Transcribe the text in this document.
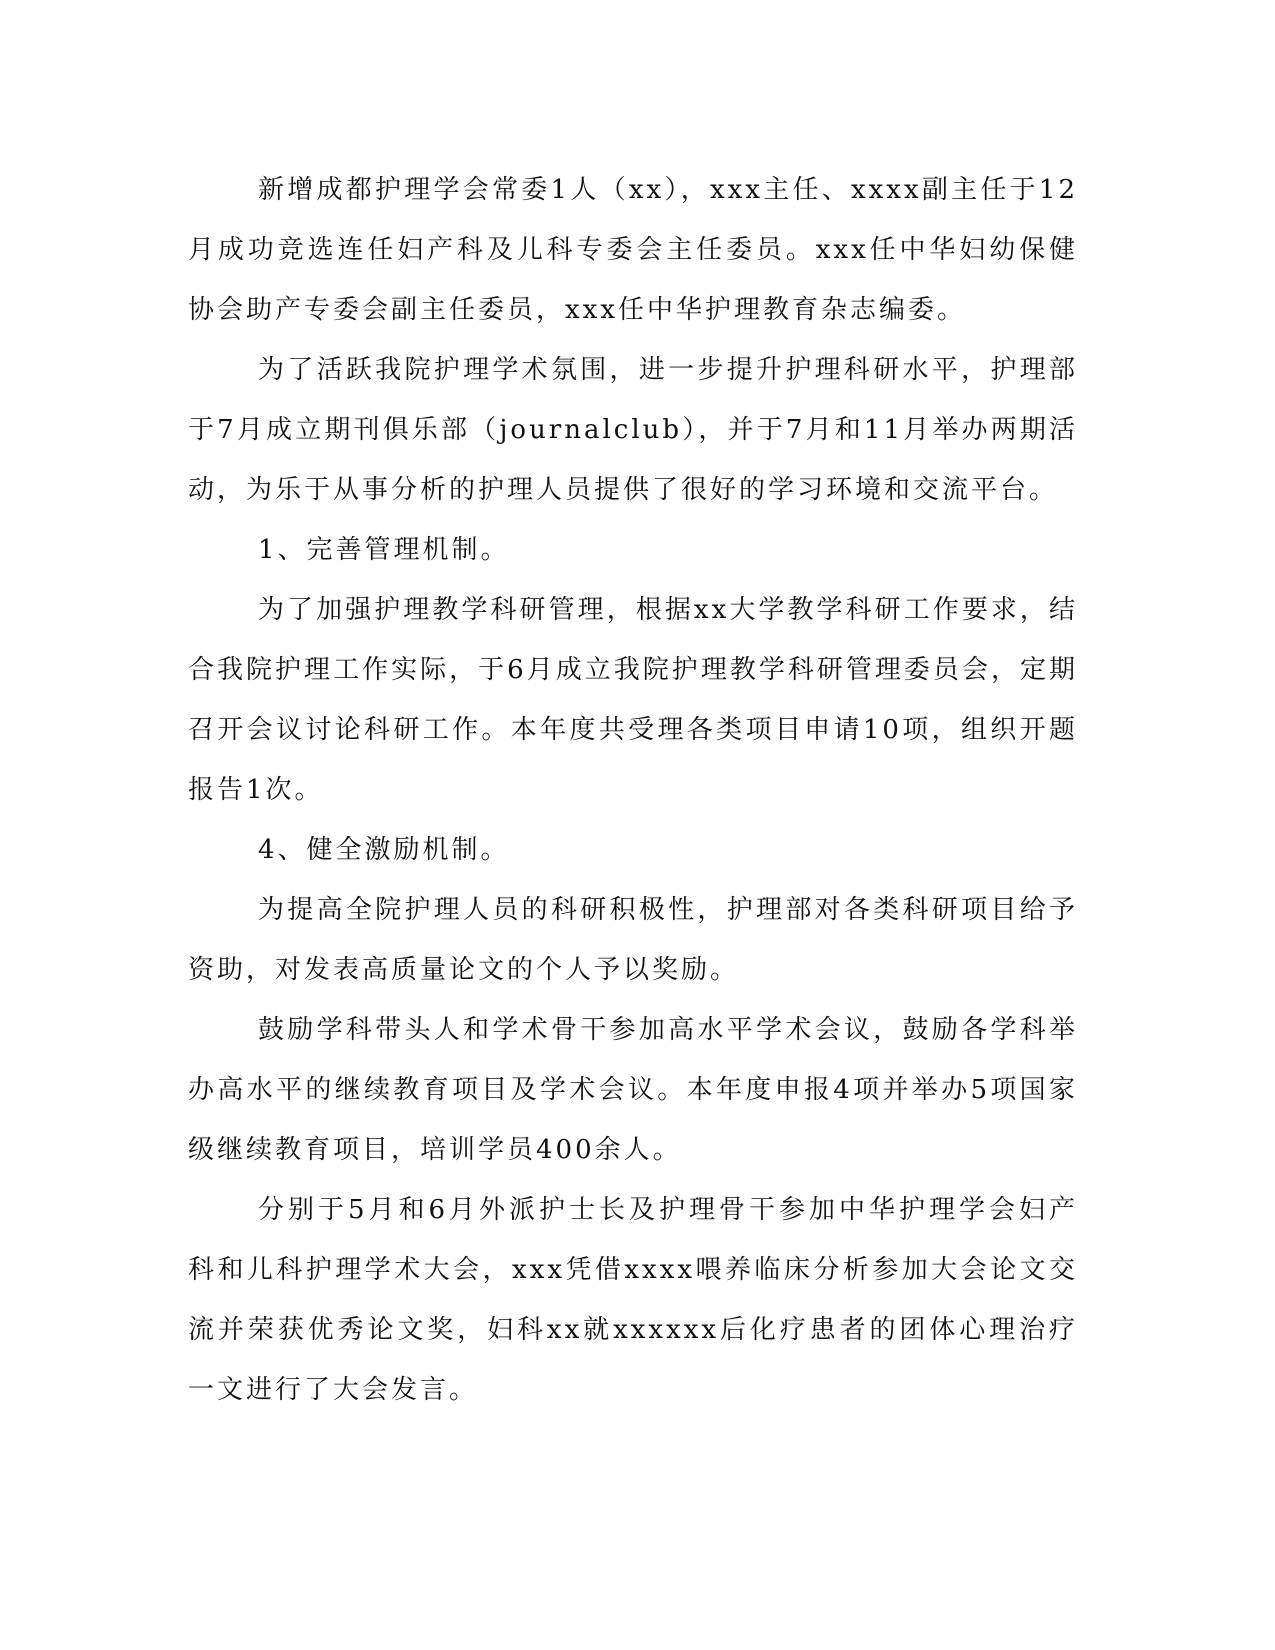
新增成都护理学会常委1人（xx），xxx主任、xxxx副主任于12月成功竞选连任妇产科及儿科专委会主任委员。xxx任中华妇幼保健协会助产专委会副主任委员，xxx任中华护理教育杂志编委。

为了活跃我院护理学术氛围，进一步提升护理科研水平，护理部于7月成立期刊俱乐部（journalclub），并于7月和11月举办两期活动，为乐于从事分析的护理人员提供了很好的学习环境和交流平台。

1、完善管理机制。

为了加强护理教学科研管理，根据xx大学教学科研工作要求，结合我院护理工作实际，于6月成立我院护理教学科研管理委员会，定期召开会议讨论科研工作。本年度共受理各类项目申请10项，组织开题报告1次。

4、健全激励机制。

为提高全院护理人员的科研积极性，护理部对各类科研项目给予资助，对发表高质量论文的个人予以奖励。

鼓励学科带头人和学术骨干参加高水平学术会议，鼓励各学科举办高水平的继续教育项目及学术会议。本年度申报4项并举办5项国家级继续教育项目，培训学员400余人。

分别于5月和6月外派护士长及护理骨干参加中华护理学会妇产科和儿科护理学术大会，xxx凭借xxxx喂养临床分析参加大会论文交流并荣获优秀论文奖，妇科xx就xxxxxx后化疗患者的团体心理治疗一文进行了大会发言。
